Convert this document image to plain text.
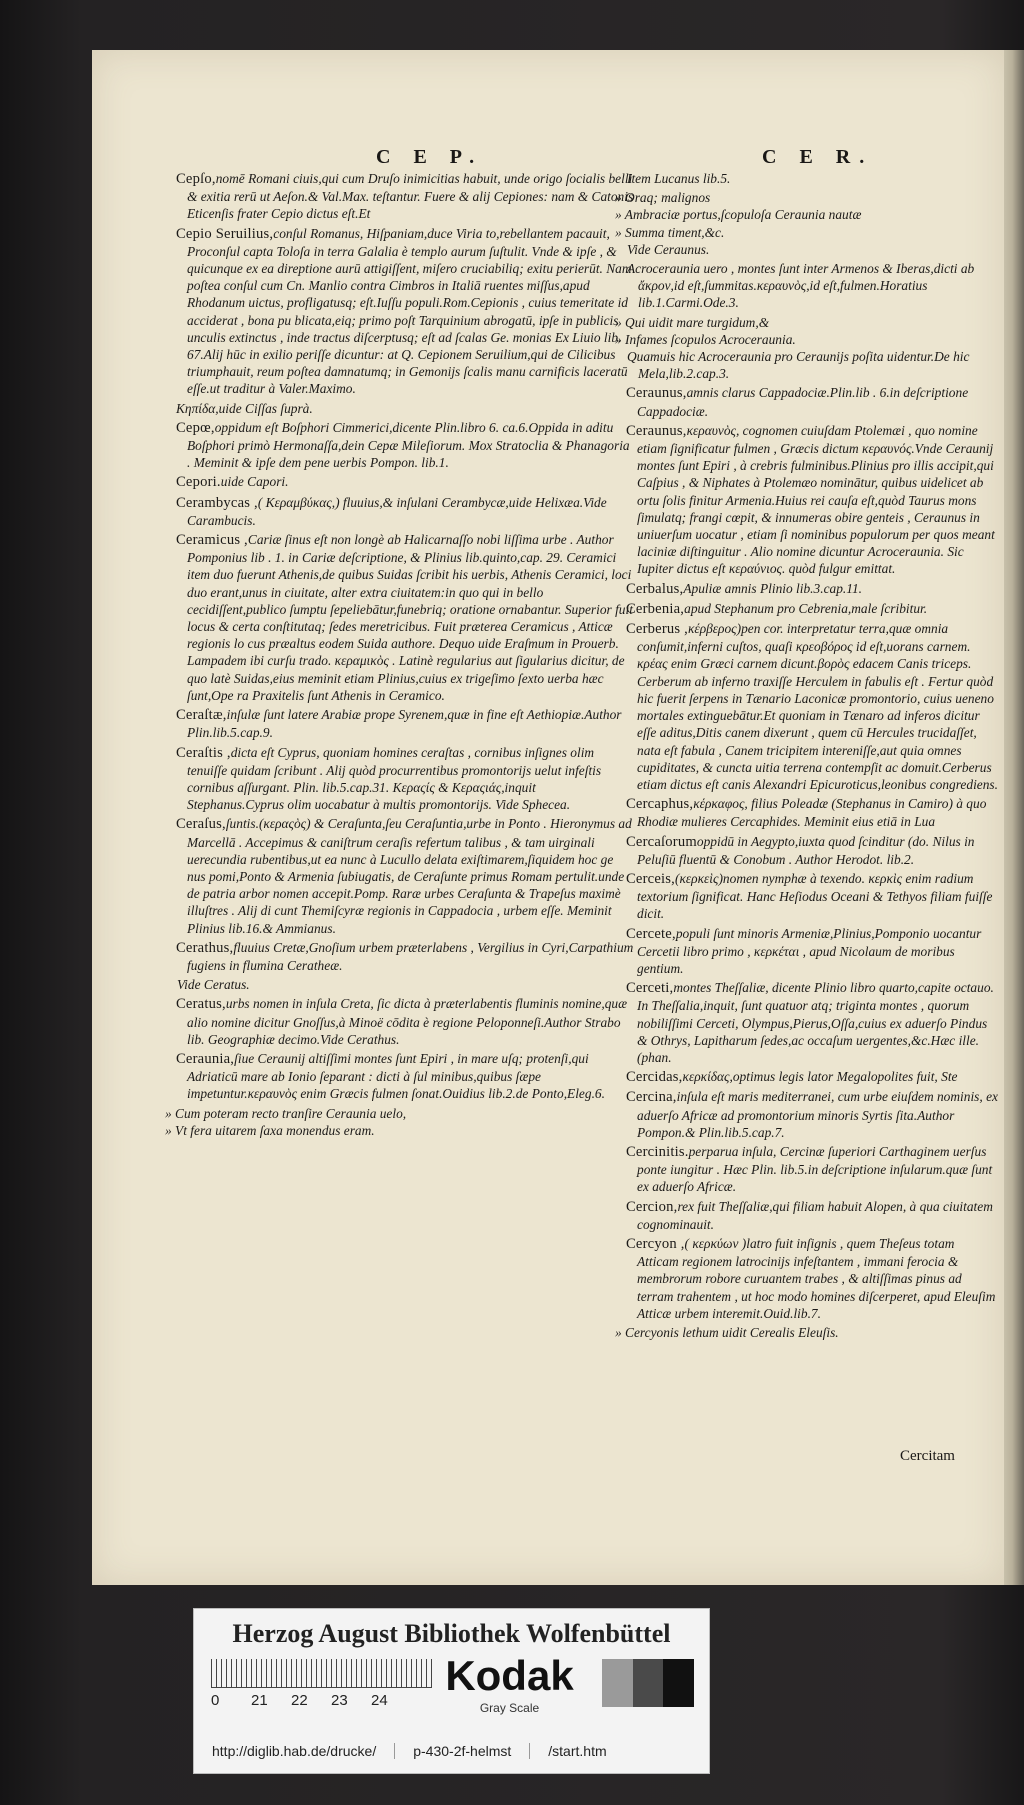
C E P.	C E R.
Cepſo,nomē Romani ciuis,qui cum Druſo inimicitias habuit, unde origo ſocialis belli & exitia rerū ut Aeſon.& Val.Max. teſtantur. Fuere & alij Cepiones: nam & Catonis Eticenſis frater Cepio dictus eſt.Et
Cepio Seruilius,conſul Romanus, Hiſpaniam,duce Viria to,rebellantem pacauit, Proconſul capta Toloſa in terra Galalia è templo aurum ſuſtulit. Vnde & ipſe , & quicunque ex ea direptione aurū attigiſſent, miſero cruciabiliq; exitu perierūt. Nam poſtea conſul cum Cn. Manlio contra Cimbros in Italiā ruentes miſſus,apud Rhodanum uictus, profligatusq; eſt.Iuſſu populi.Rom.Cepionis , cuius temeritate id acciderat , bona pu blicata,eiq; primo poſt Tarquinium abrogatū, ipſe in publicis unculis extinctus , inde tractus diſcerptusq; eſt ad ſcalas Ge. monias Ex Liuio lib. 67.Alij hūc in exilio periſſe dicuntur: at Q. Cepionem Seruilium,qui de Cilicibus triumphauit, reum poſtea damnatumq; in Gemonijs ſcalis manu carnificis laceratū eſſe.ut traditur à Valer.Maximo.
Κηπίδα,uide Ciſſas ſuprà.
Cepœ,oppidum eſt Boſphori Cimmerici,dicente Plin.libro 6. ca.6.Oppida in aditu Boſphori primò Hermonaſſa,dein Cepæ Mileſiorum. Mox Stratoclia & Phanagoria . Meminit & ipſe dem pene uerbis Pompon. lib.1.
Cepori.uide Capori.
Cerambycas ,( Κεραμβύκας,) fluuius,& inſulani Cerambycæ,uide Helixæa.Vide Carambucis.
Ceramicus ,Cariæ ſinus eſt non longè ab Halicarnaſſo nobi liſſima urbe . Author Pomponius lib . 1. in Cariæ deſcriptione, & Plinius lib.quinto,cap. 29. Ceramici item duo fuerunt Athenis,de quibus Suidas ſcribit his uerbis, Athenis Ceramici, loci duo erant,unus in ciuitate, alter extra ciuitatem:in quo qui in bello cecidiſſent,publico ſumptu ſepeliebātur,funebriq; oratione ornabantur. Superior fuit locus & certa conſtitutaq; ſedes meretricibus. Fuit præterea Ceramicus , Atticæ regionis lo cus præaltus eodem Suida authore. Dequo uide Eraſmum in Prouerb. Lampadem ibi curſu trado. κεραμικὸς . Latinè regularius aut ſigularius dicitur, de quo latè Suidas,eius meminit etiam Plinius,cuius ex trigeſimo ſexto uerba hæc ſunt,Ope ra Praxitelis ſunt Athenis in Ceramico.
Ceraſtæ,inſulæ ſunt latere Arabiæ prope Syrenem,quæ in fine eſt Aethiopiæ.Author Plin.lib.5.cap.9.
Ceraſtis ,dicta eſt Cyprus, quoniam homines ceraſtas , cornibus inſignes olim tenuiſſe quidam ſcribunt . Alij quòd procurrentibus promontorijs uelut infeſtis cornibus aſſurgant. Plin. lib.5.cap.31. Κεραςίς & Κεραςιάς,inquit Stephanus.Cyprus olim uocabatur à multis promontorijs. Vide Sphecea.
Ceraſus,ſuntis.(κεραςὸς) & Ceraſunta,ſeu Ceraſuntia,urbe in Ponto . Hieronymus ad Marcellā . Accepimus & caniſtrum ceraſis refertum talibus , & tam uirginali uerecundia rubentibus,ut ea nunc à Lucullo delata exiſtimarem,ſiquidem hoc ge nus pomi,Ponto & Armenia ſubiugatis, de Ceraſunte primus Romam pertulit.unde de patria arbor nomen accepit.Pomp. Raræ urbes Ceraſunta & Trapeſus maximè illuſtres . Alij di cunt Themiſcyræ regionis in Cappadocia , urbem eſſe. Meminit Plinius lib.16.& Ammianus.
Cerathus,fluuius Cretæ,Gnoſium urbem præterlabens , Vergilius in Cyri,Carpathium fugiens in flumina Ceratheæ.
Vide Ceratus.
Ceratus,urbs nomen in inſula Creta, ſic dicta à præterlabentis fluminis nomine,quæ alio nomine dicitur Gnoſſus,à Minoë cōdita è regione Peloponneſi.Author Strabo lib. Geographiæ decimo.Vide Cerathus.
Ceraunia,ſiue Ceraunij altiſſimi montes ſunt Epiri , in mare uſq; protenſi,qui Adriaticū mare ab Ionio ſeparant : dicti à ſul minibus,quibus ſæpe impetuntur.κεραυνὸς enim Græcis fulmen ſonat.Ouidius lib.2.de Ponto,Eleg.6.
» Cum poteram recto tranſire Ceraunia uelo,
» Vt fera uitarem ſaxa monendus eram.
Item Lucanus lib.5.
» Oraq; malignos
» Ambraciæ portus,ſcopuloſa Ceraunia nautæ
» Summa timent,&c.
Vide Ceraunus.
Acroceraunia uero , montes ſunt inter Armenos & Iberas,dicti ab ἄκρον,id eſt,ſummitas.κεραυνὸς,id eſt,fulmen.Horatius lib.1.Carmi.Ode.3.
» Qui uidit mare turgidum,&
» Infames ſcopulos Acroceraunia.
Quamuis hic Acroceraunia pro Ceraunijs poſita uidentur.De hic Mela,lib.2.cap.3.
Ceraunus,amnis clarus Cappadociæ.Plin.lib . 6.in deſcriptione Cappadociæ.
Ceraunus,κεραυνὸς, cognomen cuiuſdam Ptolemæi , quo nomine etiam ſignificatur fulmen , Græcis dictum κεραυνός.Vnde Ceraunij montes ſunt Epiri , à crebris fulminibus.Plinius pro illis accipit,qui Caſpius , & Niphates à Ptolemæo nominātur, quibus uidelicet ab ortu ſolis finitur Armenia.Huius rei cauſa eſt,quòd Taurus mons ſimulatq; frangi cœpit, & innumeras obire genteis , Ceraunus in uniuerſum uocatur , etiam ſi nominibus populorum per quos meant laciniæ diſtinguitur . Alio nomine dicuntur Acroceraunia. Sic Iupiter dictus eſt κεραύνιος. quòd fulgur emittat.
Cerbalus,Apuliæ amnis Plinio lib.3.cap.11.
Cerbenia,apud Stephanum pro Cebrenia,male ſcribitur.
Cerberus ,κέρβερος)pen cor. interpretatur terra,quæ omnia conſumit,inferni cuſtos, quaſi κρεοβόρος id eſt,uorans carnem. κρέας enim Græci carnem dicunt.βορὸς edacem Canis triceps. Cerberum ab inferno traxiſſe Herculem in fabulis eſt . Fertur quòd hic fuerit ſerpens in Tænario Laconicæ promontorio, cuius ueneno mortales extinguebātur.Et quoniam in Tænaro ad inferos dicitur eſſe aditus,Ditis canem dixerunt , quem cū Hercules trucidaſſet, nata eſt fabula , Canem tricipitem intereniſſe,aut quia omnes cupiditates, & cuncta uitia terrena contempſit ac domuit.Cerberus etiam dictus eſt canis Alexandri Epicuroticus,leonibus congrediens.
Cercaphus,κέρκαφος, filius Poleadæ (Stephanus in Camiro) à quo Rhodiæ mulieres Cercaphides. Meminit eius etiā in Lua
Cercaſorumoppidū in Aegypto,iuxta quod ſcinditur (do. Nilus in Peluſiū fluentū & Conobum . Author Herodot. lib.2.
Cerceis,(κερκεὶς)nomen nymphæ à texendo. κερκὶς enim radium textorium ſignificat. Hanc Heſiodus Oceani & Tethyos filiam fuiſſe dicit.
Cercete,populi ſunt minoris Armeniæ,Plinius,Pomponio uocantur Cercetii libro primo , κερκέται , apud Nicolaum de moribus gentium.
Cerceti,montes Theſſaliæ, dicente Plinio libro quarto,capite octauo. In Theſſalia,inquit, ſunt quatuor atq; triginta montes , quorum nobiliſſimi Cerceti, Olympus,Pierus,Oſſa,cuius ex aduerſo Pindus & Othrys, Lapitharum ſedes,ac occaſum uergentes,&c.Hæc ille. (phan.
Cercidas,κερκίδας,optimus legis lator Megalopolites fuit, Ste
Cercina,inſula eſt maris mediterranei, cum urbe eiuſdem nominis, ex aduerſo Africæ ad promontorium minoris Syrtis ſita.Author Pompon.& Plin.lib.5.cap.7.
Cercinitis.perparua inſula, Cercinæ ſuperiori Carthaginem uerſus ponte iungitur . Hæc Plin. lib.5.in deſcriptione inſularum.quæ ſunt ex aduerſo Africæ.
Cercion,rex fuit Theſſaliæ,qui filiam habuit Alopen, à qua ciuitatem cognominauit.
Cercyon ,( κερκύων )latro fuit inſignis , quem Theſeus totam Atticam regionem latrocinijs infeſtantem , immani ferocia & membrorum robore curuantem trabes , & altiſſimas pinus ad terram trahentem , ut hoc modo homines diſcerperet, apud Eleuſim Atticæ urbem interemit.Ouid.lib.7.
» Cercyonis lethum uidit Cerealis Eleuſis.
Cercitam
Herzog August Bibliothek Wolfenbüttel
0 21 22 23 24
Kodak
Gray Scale
http://diglib.hab.de/drucke/	p-430-2f-helmst	/start.htm
